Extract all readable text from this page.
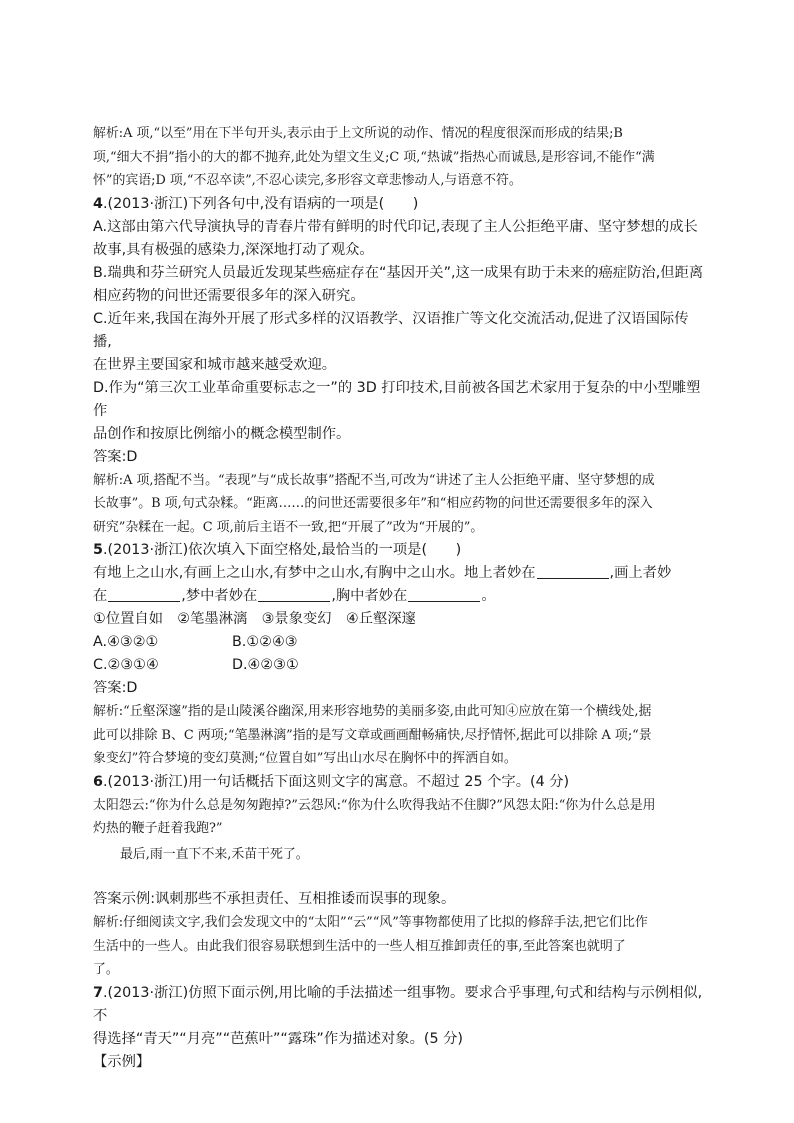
解析:A 项,“以至”用在下半句开头,表示由于上文所说的动作、情况的程度很深而形成的结果;B

项,“细大不捐”指小的大的都不抛弃,此处为望文生义;C 项,“热诚”指热心而诚恳,是形容词,不能作“满

怀”的宾语;D 项,“不忍卒读”,不忍心读完,多形容文章悲惨动人,与语意不符。

4.(2013·浙江)下列各句中,没有语病的一项是(　　)

A.这部由第六代导演执导的青春片带有鲜明的时代印记,表现了主人公拒绝平庸、坚守梦想的成长

故事,具有极强的感染力,深深地打动了观众。

B.瑞典和芬兰研究人员最近发现某些癌症存在“基因开关”,这一成果有助于未来的癌症防治,但距离

相应药物的问世还需要很多年的深入研究。

C.近年来,我国在海外开展了形式多样的汉语教学、汉语推广等文化交流活动,促进了汉语国际传播,

在世界主要国家和城市越来越受欢迎。

D.作为“第三次工业革命重要标志之一”的 3D 打印技术,目前被各国艺术家用于复杂的中小型雕塑作

品创作和按原比例缩小的概念模型制作。

答案:D

解析:A 项,搭配不当。“表现”与“成长故事”搭配不当,可改为“讲述了主人公拒绝平庸、坚守梦想的成

长故事”。B 项,句式杂糅。“距离……的问世还需要很多年”和“相应药物的问世还需要很多年的深入

研究”杂糅在一起。C 项,前后主语不一致,把“开展了”改为“开展的”。

5.(2013·浙江)依次填入下面空格处,最恰当的一项是(　　)

有地上之山水,有画上之山水,有梦中之山水,有胸中之山水。地上者妙在	,画上者妙

在	,梦中者妙在	,胸中者妙在	。

①位置自如　②笔墨淋漓　③景象变幻　④丘壑深邃

A.④③②①	B.①②④③

C.②③①④	D.④②③①

答案:D

解析:“丘壑深邃”指的是山陵溪谷幽深,用来形容地势的美丽多姿,由此可知④应放在第一个横线处,据

此可以排除 B、C 两项;“笔墨淋漓”指的是写文章或画画酣畅痛快,尽抒情怀,据此可以排除 A 项;“景

象变幻”符合梦境的变幻莫测;“位置自如”写出山水尽在胸怀中的挥洒自如。

6.(2013·浙江)用一句话概括下面这则文字的寓意。不超过 25 个字。(4 分)

太阳怨云:“你为什么总是匆匆跑掉?”云怨风:“你为什么吹得我站不住脚?”风怨太阳:“你为什么总是用

灼热的鞭子赶着我跑?”

最后,雨一直下不来,禾苗干死了。

答案示例:讽刺那些不承担责任、互相推诿而误事的现象。

解析:仔细阅读文字,我们会发现文中的“太阳”“云”“风”等事物都使用了比拟的修辞手法,把它们比作

生活中的一些人。由此我们很容易联想到生活中的一些人相互推卸责任的事,至此答案也就明了

了。

7.(2013·浙江)仿照下面示例,用比喻的手法描述一组事物。要求合乎事理,句式和结构与示例相似,不

得选择“青天”“月亮”“芭蕉叶”“露珠”作为描述对象。(5 分)

【示例】
